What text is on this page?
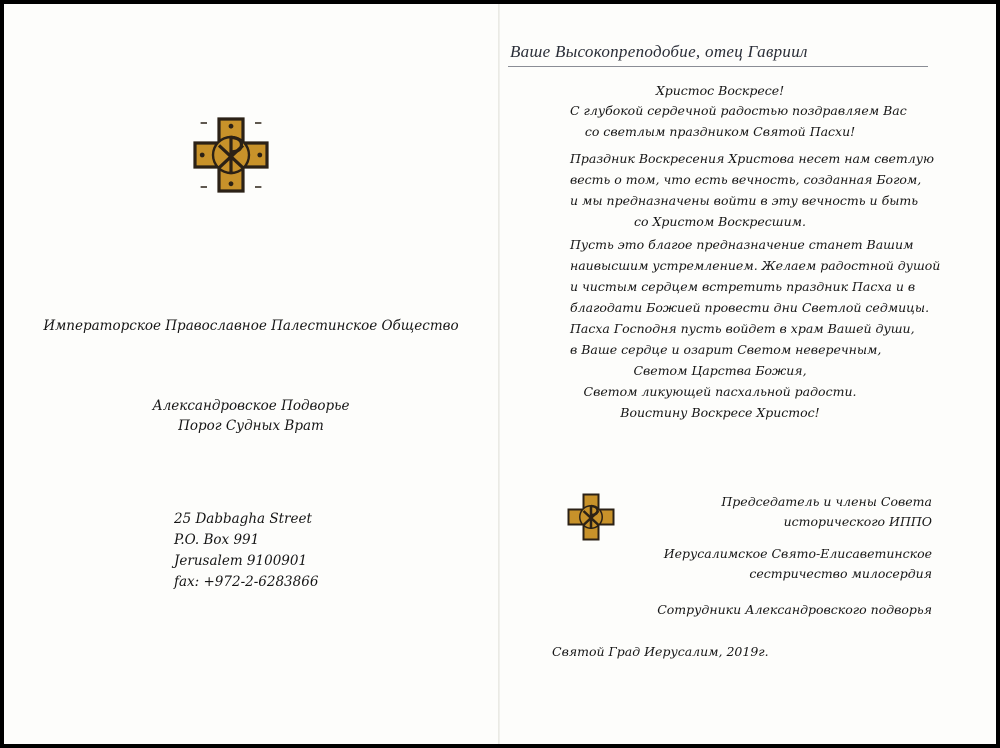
Императорское Православное Палестинское Общество
Александровское Подворье
Порог Судных Врат
25 Dabbagha Street
P.O. Box 991
Jerusalem 9100901
fax: +972-2-6283866
Ваше Высокопреподобие, отец Гавриил
Христос Воскресе!
С глубокой сердечной радостью поздравляем Вас
со светлым праздником Святой Пасхи!
Праздник Воскресения Христова несет нам светлую
весть о том, что есть вечность, созданная Богом,
и мы предназначены войти в эту вечность и быть
со Христом Воскресшим.
Пусть это благое предназначение станет Вашим
наивысшим устремлением. Желаем радостной душой
и чистым сердцем встретить праздник Пасха и в
благодати Божией провести дни Светлой седмицы.
Пасха Господня пусть войдет в храм Вашей души,
в Ваше сердце и озарит Светом неверечным,
Светом Царства Божия,
Светом ликующей пасхальной радости.
Воистину Воскресе Христос!
Председатель и члены Совета
исторического ИППО
Иерусалимское Свято-Елисаветинское
сестричество милосердия
Сотрудники Александровского подворья
Святой Град Иерусалим, 2019г.
